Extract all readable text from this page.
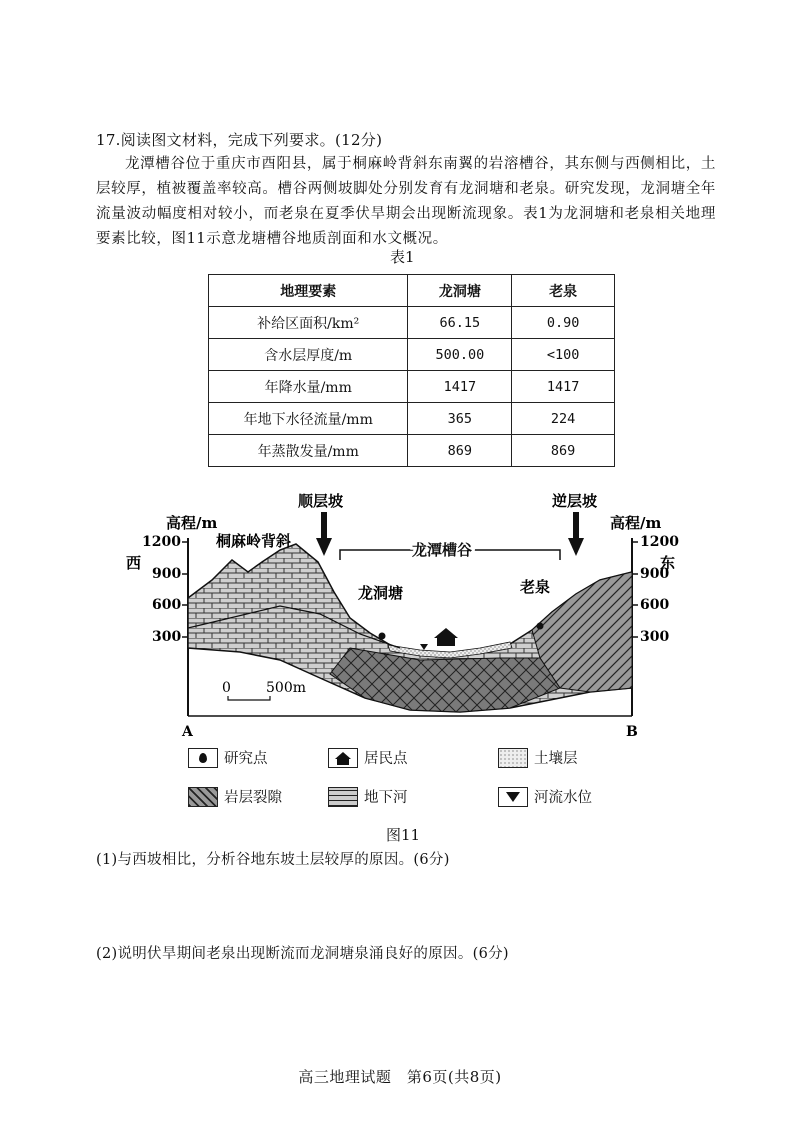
17.阅读图文材料，完成下列要求。(12分)
龙潭槽谷位于重庆市酉阳县，属于桐麻岭背斜东南翼的岩溶槽谷，其东侧与西侧相比，土层较厚，植被覆盖率较高。槽谷两侧坡脚处分别发育有龙洞塘和老泉。研究发现，龙洞塘全年流量波动幅度相对较小，而老泉在夏季伏旱期会出现断流现象。表1为龙洞塘和老泉相关地理要素比较，图11示意龙塘槽谷地质剖面和水文概况。
表1
地理要素	龙洞塘	老泉
补给区面积/km²	66.15	0.90
含水层厚度/m	500.00	<100
年降水量/mm	1417	1417
年地下水径流量/mm	365	224
年蒸散发量/mm	869	869
高程/m	高程/m
西	东
1200
900
600
300
1200
900
600
300
桐麻岭背斜
顺层坡	逆层坡
龙潭槽谷
龙洞塘	老泉
0	500m
A	B
研究点	居民点	土壤层
岩层裂隙	地下河	河流水位
图11
(1)与西坡相比，分析谷地东坡土层较厚的原因。(6分)
(2)说明伏旱期间老泉出现断流而龙洞塘泉涌良好的原因。(6分)
高三地理试题　第6页(共8页)
